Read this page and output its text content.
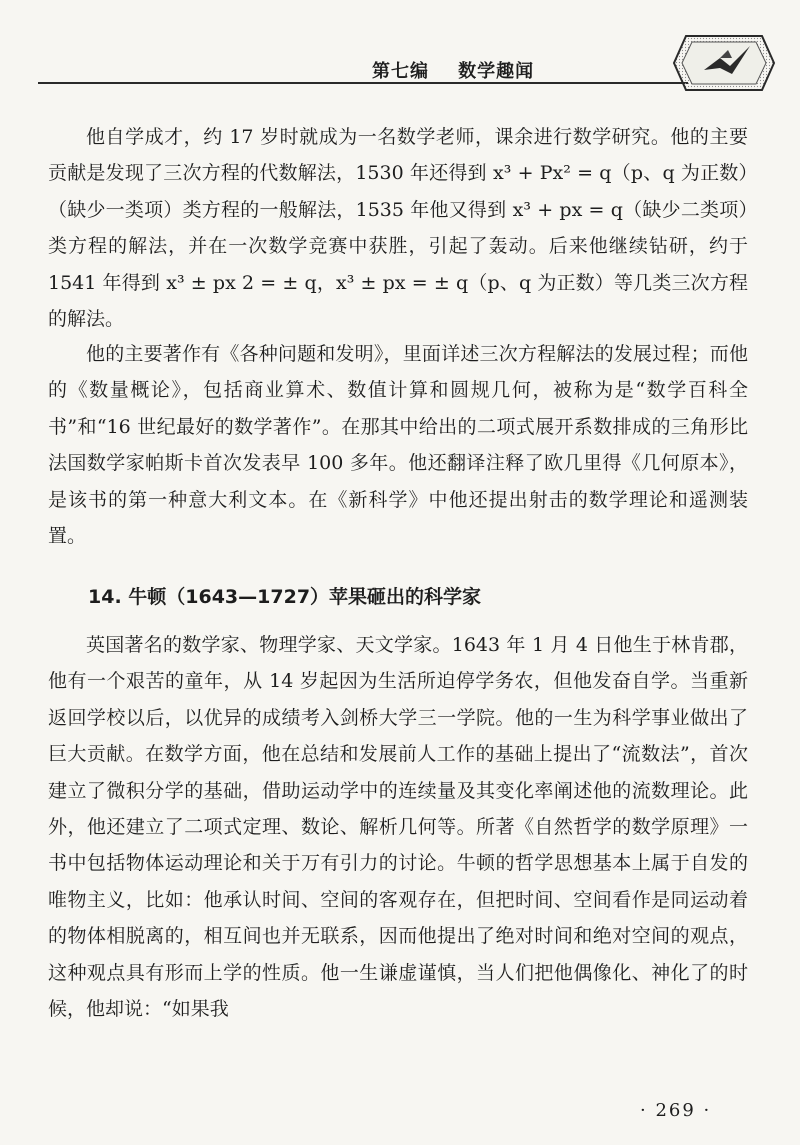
第七编    数学趣闻

他自学成才，约 17 岁时就成为一名数学老师，课余进行数学研究。他的主要贡献是发现了三次方程的代数解法，1530 年还得到 x³ + Px² = q（p、q 为正数）（缺少一类项）类方程的一般解法，1535 年他又得到 x³ + px = q（缺少二类项）类方程的解法，并在一次数学竞赛中获胜，引起了轰动。后来他继续钻研，约于 1541 年得到 x³ ± px 2 = ± q，x³ ± px = ± q（p、q 为正数）等几类三次方程的解法。

他的主要著作有《各种问题和发明》，里面详述三次方程解法的发展过程；而他的《数量概论》，包括商业算术、数值计算和圆规几何，被称为是“数学百科全书”和“16 世纪最好的数学著作”。在那其中给出的二项式展开系数排成的三角形比法国数学家帕斯卡首次发表早 100 多年。他还翻译注释了欧几里得《几何原本》，是该书的第一种意大利文本。在《新科学》中他还提出射击的数学理论和遥测装置。

14. 牛顿（1643—1727）苹果砸出的科学家

英国著名的数学家、物理学家、天文学家。1643 年 1 月 4 日他生于林肯郡，他有一个艰苦的童年，从 14 岁起因为生活所迫停学务农，但他发奋自学。当重新返回学校以后，以优异的成绩考入剑桥大学三一学院。他的一生为科学事业做出了巨大贡献。在数学方面，他在总结和发展前人工作的基础上提出了“流数法”，首次建立了微积分学的基础，借助运动学中的连续量及其变化率阐述他的流数理论。此外，他还建立了二项式定理、数论、解析几何等。所著《自然哲学的数学原理》一书中包括物体运动理论和关于万有引力的讨论。牛顿的哲学思想基本上属于自发的唯物主义，比如：他承认时间、空间的客观存在，但把时间、空间看作是同运动着的物体相脱离的，相互间也并无联系，因而他提出了绝对时间和绝对空间的观点，这种观点具有形而上学的性质。他一生谦虚谨慎，当人们把他偶像化、神化了的时候，他却说：“如果我

· 269 ·
